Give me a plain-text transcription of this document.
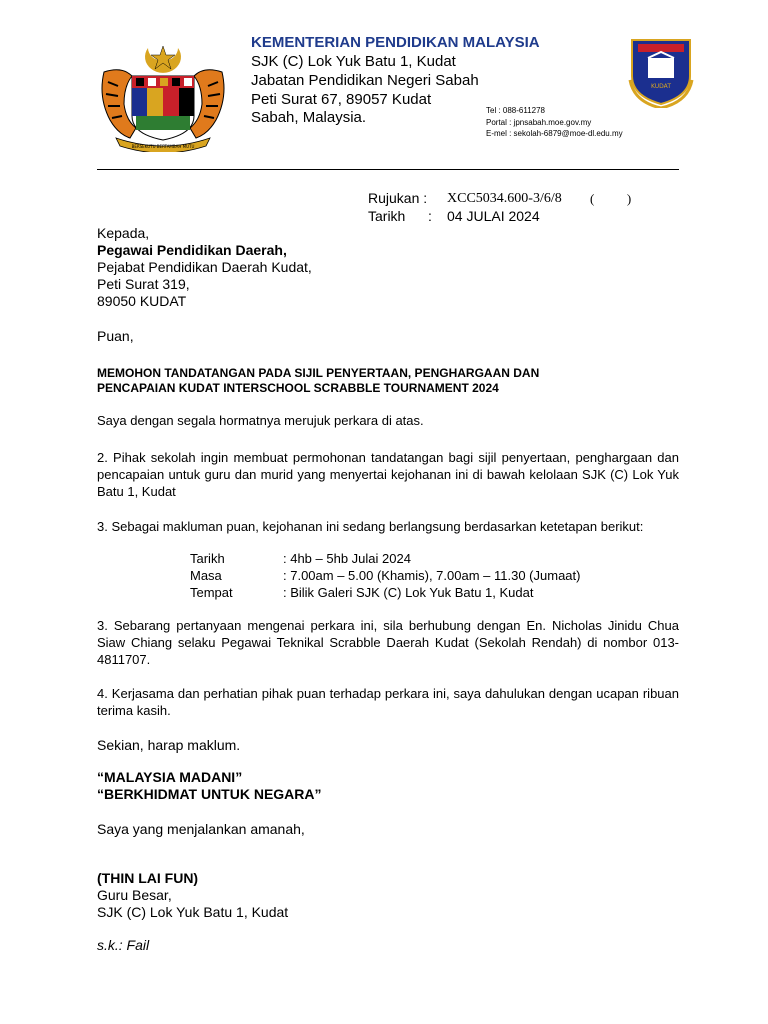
BERSEKUTU BERTAMBAH MUTU
KEMENTERIAN PENDIDIKAN MALAYSIA
SJK (C) Lok Yuk Batu 1, Kudat
Jabatan Pendidikan Negeri Sabah
Peti Surat 67, 89057 Kudat
Sabah, Malaysia.	Tel : 088-611278
Portal : jpnsabah.moe.gov.my
E-mel : sekolah-6879@moe-dl.edu.my
KUDAT
Rujukan : XCC5034.600-3/6/8 (          )
Tarikh : 04 JULAI 2024
Kepada,
Pegawai Pendidikan Daerah,
Pejabat Pendidikan Daerah Kudat,
Peti Surat 319,
89050 KUDAT
Puan,
MEMOHON TANDATANGAN PADA SIJIL PENYERTAAN, PENGHARGAAN DAN
PENCAPAIAN KUDAT INTERSCHOOL SCRABBLE TOURNAMENT 2024
Saya dengan segala hormatnya merujuk perkara di atas.
2. Pihak sekolah ingin membuat permohonan tandatangan bagi sijil penyertaan, penghargaan dan pencapaian untuk guru dan murid yang menyertai kejohanan ini di bawah kelolaan SJK (C) Lok Yuk Batu 1, Kudat
3. Sebagai makluman puan, kejohanan ini sedang berlangsung berdasarkan ketetapan berikut:
Tarikh	: 4hb – 5hb Julai 2024
Masa	: 7.00am – 5.00 (Khamis), 7.00am – 11.30 (Jumaat)
Tempat	: Bilik Galeri SJK (C) Lok Yuk Batu 1, Kudat
3. Sebarang pertanyaan mengenai perkara ini, sila berhubung dengan En. Nicholas Jinidu Chua Siaw Chiang selaku Pegawai Teknikal Scrabble Daerah Kudat (Sekolah Rendah) di nombor 013-4811707.
4. Kerjasama dan perhatian pihak puan terhadap perkara ini, saya dahulukan dengan ucapan ribuan terima kasih.
Sekian, harap maklum.
“MALAYSIA MADANI”
“BERKHIDMAT UNTUK NEGARA”
Saya yang menjalankan amanah,
(THIN LAI FUN)
Guru Besar,
SJK (C) Lok Yuk Batu 1, Kudat
s.k.: Fail
